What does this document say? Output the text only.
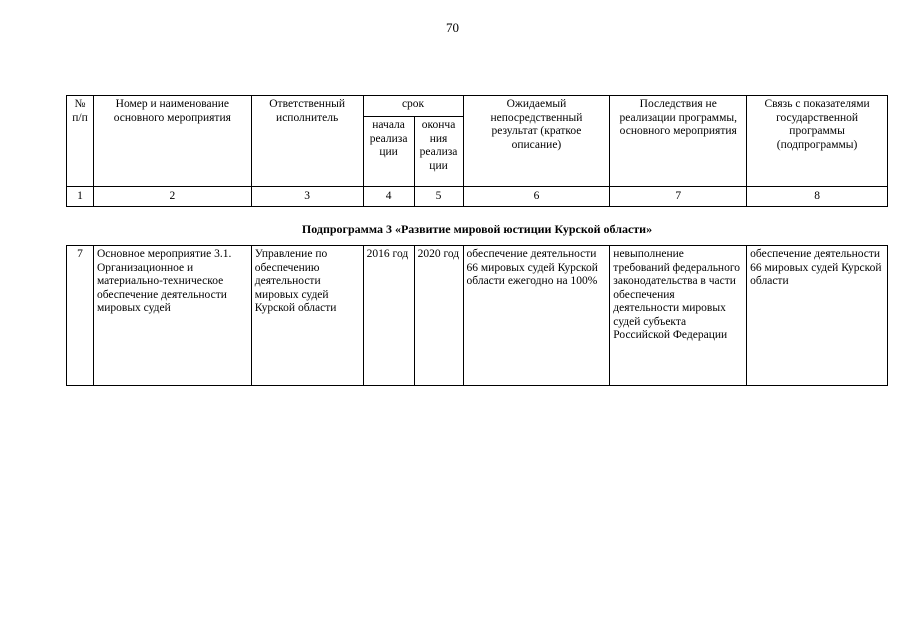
70
№ п/п	Номер и наименование основного мероприятия	Ответственный исполнитель	срок		Ожидаемый непосредственный результат (краткое описание)	Последствия не реализации программы, основного мероприятия	Связь с показателями государственной программы (подпрограммы)
			начала реализа ции	оконча ния реализа ции			
1	2	3	4	5	6	7	8
Подпрограмма 3 «Развитие мировой юстиции Курской области»
7	Основное мероприятие 3.1. Организационное и материально-техническое обеспечение деятельности мировых судей	Управление по обеспечению деятельности мировых судей Курской области	2016 год	2020 год	обеспечение деятельности 66 мировых судей Курской области ежегодно на 100%	невыполнение требований федерального законодательства в части обеспечения деятельности мировых судей субъекта Российской Федерации	обеспечение деятельности 66 мировых судей Курской области
